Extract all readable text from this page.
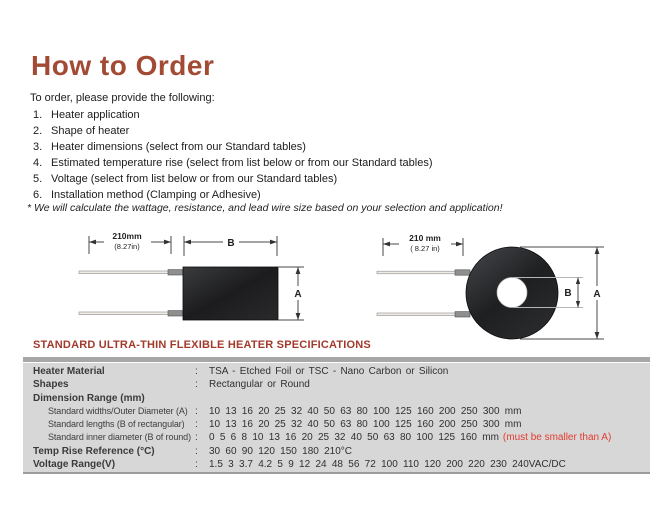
How to Order
To order, please provide the following:
1. Heater application
2. Shape of heater
3. Heater dimensions (select from our Standard tables)
4. Estimated temperature rise (select from list below or from our Standard tables)
5. Voltage (select from list below or from our Standard tables)
6. Installation method (Clamping or Adhesive)
* We will calculate the wattage, resistance, and lead wire size based on your selection and application!
210mm
(8.27in)	B
A
210 mm
( 8.27 in)
B A
STANDARD ULTRA-THIN FLEXIBLE HEATER SPECIFICATIONS
Heater Material	:	TSA - Etched Foil or TSC - Nano Carbon or Silicon
Shapes	:	Rectangular or Round
Dimension Range (mm)
Standard widths/Outer Diameter (A) :	10 13 16 20 25 32 40 50 63 80 100 125 160 200 250 300 mm
Standard lengths (B of rectangular)	:	10 13 16 20 25 32 40 50 63 80 100 125 160 200 250 300 mm
Standard inner diameter (B of round) :	0 5 6 8 10 13 16 20 25 32 40 50 63 80 100 125 160 mm (must be smaller than A)
Temp Rise Reference (°C)	:	30 60 90 120 150 180 210°C
Voltage Range(V)	:	1.5 3 3.7 4.2 5 9 12 24 48 56 72 100 110 120 200 220 230 240VAC/DC
